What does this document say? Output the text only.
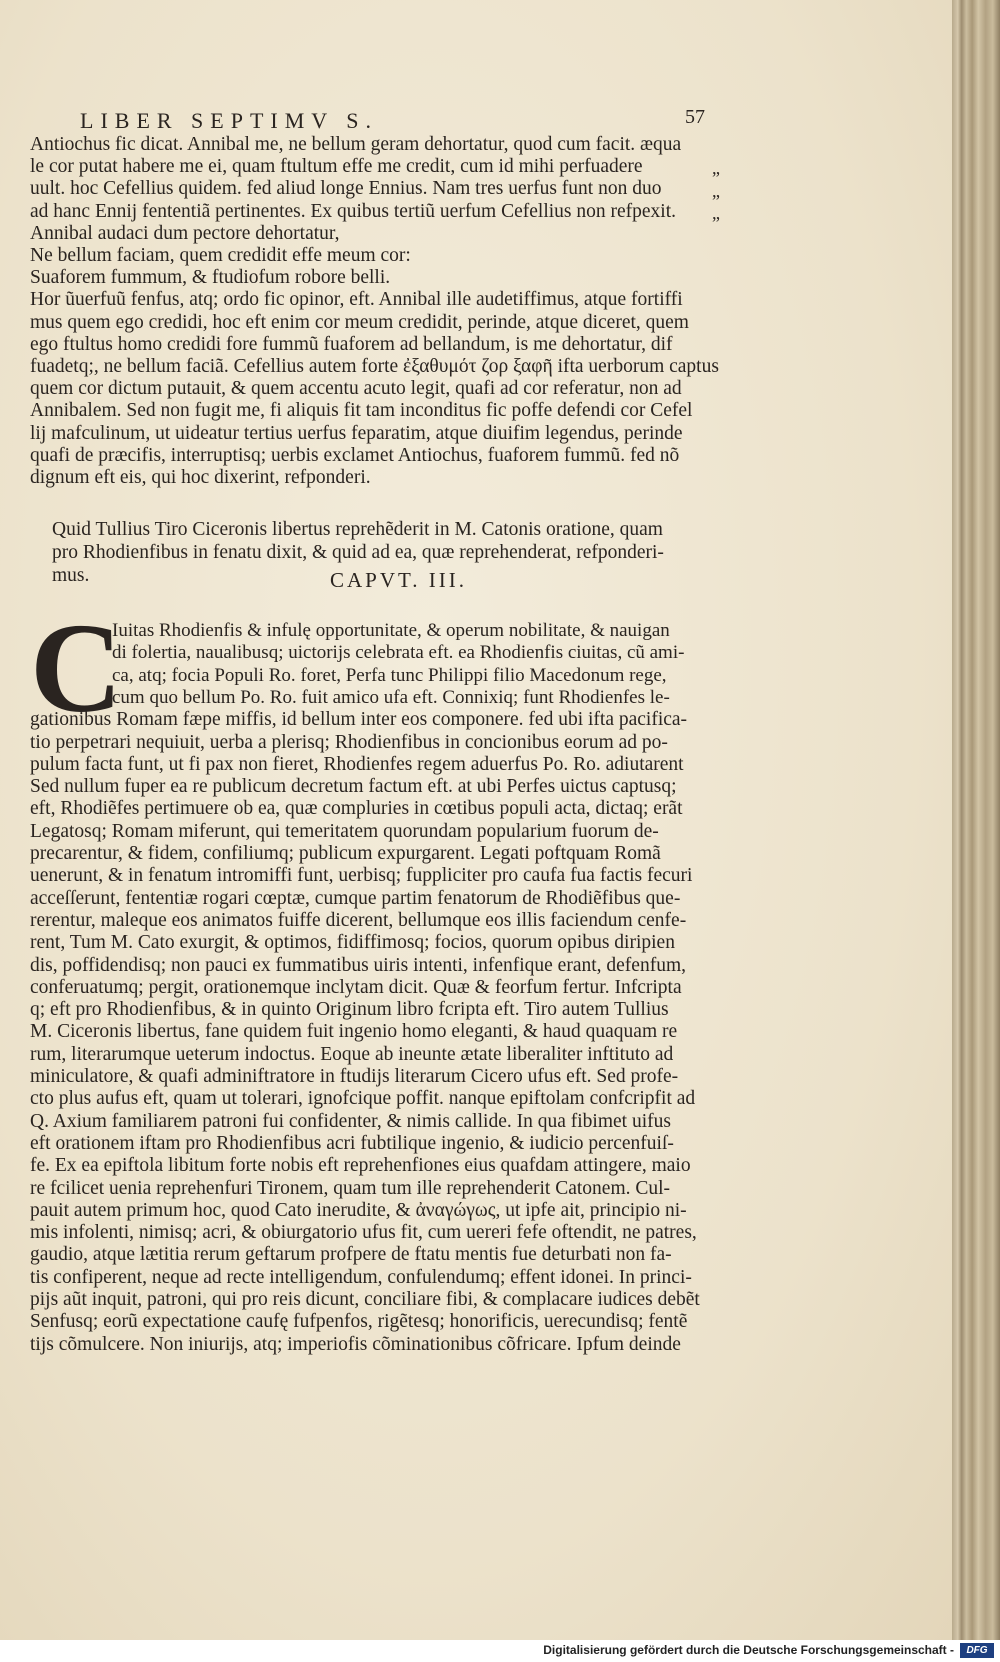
LIBER SEPTIMV S.	57
Antiochus fic dicat. Annibal me, ne bellum geram dehortatur, quod cum facit. æqua
le cor putat habere me ei, quam ftultum effe me credit, cum id mihi perfuadere
uult. hoc Cefellius quidem. fed aliud longe Ennius. Nam tres uerfus funt non duo
ad hanc Ennij fententiã pertinentes. Ex quibus tertiũ uerfum Cefellius non refpexit.
Annibal audaci dum pectore dehortatur,
Ne bellum faciam, quem credidit effe meum cor:
Suaforem fummum, & ftudiofum robore belli.
Hor ũuerfuũ fenfus, atq; ordo fic opinor, eft. Annibal ille audetiffimus, atque fortiffi
mus quem ego credidi, hoc eft enim cor meum credidit, perinde, atque diceret, quem
ego ftultus homo credidi fore fummũ fuaforem ad bellandum, is me dehortatur, dif
fuadetq;, ne bellum faciã. Cefellius autem forte ἐξαθυμότ ζορ ξαφῆ ifta uerborum captus
quem cor dictum putauit, & quem accentu acuto legit, quafi ad cor referatur, non ad
Annibalem. Sed non fugit me, fi aliquis fit tam inconditus fic poffe defendi cor Cefel
lij mafculinum, ut uideatur tertius uerfus feparatim, atque diuifim legendus, perinde
quafi de præcifis, interruptisq; uerbis exclamet Antiochus, fuaforem fummũ. fed nõ
dignum eft eis, qui hoc dixerint, refponderi.
„
„
„
Quid Tullius Tiro Ciceronis libertus reprehẽderit in M. Catonis oratione, quam
pro Rhodienfibus in fenatu dixit, & quid ad ea, quæ reprehenderat, refponderi-
mus.	CAPVT. III.
C
Iuitas Rhodienfis & infulę opportunitate, & operum nobilitate, & nauigan
di folertia, naualibusq; uictorijs celebrata eft. ea Rhodienfis ciuitas, cũ ami-
ca, atq; focia Populi Ro. foret, Perfa tunc Philippi filio Macedonum rege,
cum quo bellum Po. Ro. fuit amico ufa eft. Connixiq; funt Rhodienfes le-
gationibus Romam fæpe miffis, id bellum inter eos componere. fed ubi ifta pacifica-
tio perpetrari nequiuit, uerba a plerisq; Rhodienfibus in concionibus eorum ad po-
pulum facta funt, ut fi pax non fieret, Rhodienfes regem aduerfus Po. Ro. adiutarent
Sed nullum fuper ea re publicum decretum factum eft. at ubi Perfes uictus captusq;
eft, Rhodiẽfes pertimuere ob ea, quæ compluries in cœtibus populi acta, dictaq; erãt
Legatosq; Romam miferunt, qui temeritatem quorundam popularium fuorum de-
precarentur, & fidem, confiliumq; publicum expurgarent. Legati poftquam Romã
uenerunt, & in fenatum intromiffi funt, uerbisq; fuppliciter pro caufa fua factis fecuri
acceſſerunt, fententiæ rogari cœptæ, cumque partim fenatorum de Rhodiẽfibus que-
rerentur, maleque eos animatos fuiffe dicerent, bellumque eos illis faciendum cenfe-
rent, Tum M. Cato exurgit, & optimos, fidiffimosq; focios, quorum opibus diripien
dis, poffidendisq; non pauci ex fummatibus uiris intenti, infenfique erant, defenfum,
conferuatumq; pergit, orationemque inclytam dicit. Quæ & feorfum fertur. Infcripta
q; eft pro Rhodienfibus, & in quinto Originum libro fcripta eft. Tiro autem Tullius
M. Ciceronis libertus, fane quidem fuit ingenio homo eleganti, & haud quaquam re
rum, literarumque ueterum indoctus. Eoque ab ineunte ætate liberaliter inftituto ad
miniculatore, & quafi adminiftratore in ftudijs literarum Cicero ufus eft. Sed profe-
cto plus aufus eft, quam ut tolerari, ignofcique poffit. nanque epiftolam confcripfit ad
Q. Axium familiarem patroni fui confidenter, & nimis callide. In qua fibimet uifus
eft orationem iftam pro Rhodienfibus acri fubtilique ingenio, & iudicio percenfuiſ-
fe. Ex ea epiftola libitum forte nobis eft reprehenfiones eius quafdam attingere, maio
re fcilicet uenia reprehenfuri Tironem, quam tum ille reprehenderit Catonem. Cul-
pauit autem primum hoc, quod Cato inerudite, & ἀναγώγως, ut ipfe ait, principio ni-
mis infolenti, nimisq; acri, & obiurgatorio ufus fit, cum uereri fefe oftendit, ne patres,
gaudio, atque lætitia rerum geftarum profpere de ftatu mentis fue deturbati non fa-
tis confiperent, neque ad recte intelligendum, confulendumq; effent idonei. In princi-
pijs aũt inquit, patroni, qui pro reis dicunt, conciliare fibi, & complacare iudices debẽt
Senfusq; eorũ expectatione caufę fufpenfos, rigẽtesq; honorificis, uerecundisq; fentẽ
tijs cõmulcere. Non iniurijs, atq; imperiofis cõminationibus cõfricare. Ipfum deinde
Digitalisierung gefördert durch die Deutsche Forschungsgemeinschaft -	DFG
